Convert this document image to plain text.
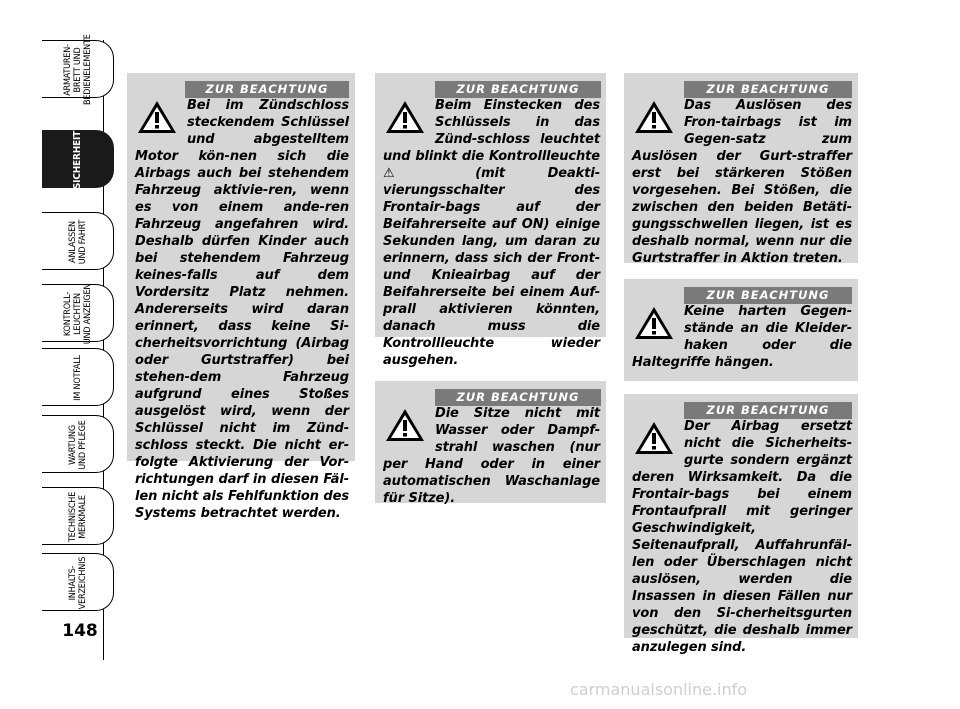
ARMATUREN-
BRETT UND
BEDIENELEMENTE
SICHERHEIT
ANLASSEN
UND FAHRT
KONTROLL-
LEUCHTEN
UND ANZEIGEN
IM NOTFALL
WARTUNG
UND PFLEGE
TECHNISCHE
MERKMALE
INHALTS-
VERZEICHNIS
148
ZUR BEACHTUNG
Bei im Zündschloss steckendem Schlüssel und abgestelltem Motor kön-nen sich die Airbags auch bei stehendem Fahrzeug aktivie-ren, wenn es von einem ande-ren Fahrzeug angefahren wird. Deshalb dürfen Kinder auch bei stehendem Fahrzeug keines-falls auf dem Vordersitz Platz nehmen. Andererseits wird daran erinnert, dass keine Si-cherheitsvorrichtung (Airbag oder Gurtstraffer) bei stehen-dem Fahrzeug aufgrund eines Stoßes ausgelöst wird, wenn der Schlüssel nicht im Zünd-schloss steckt. Die nicht er-folgte Aktivierung der Vor-richtungen darf in diesen Fäl-len nicht als Fehlfunktion des Systems betrachtet werden.
ZUR BEACHTUNG
Beim Einstecken des Schlüssels in das Zünd-schloss leuchtet und blinkt die Kontrollleuchte ⚠ (mit Deakti-vierungsschalter des Frontair-bags auf der Beifahrerseite auf ON) einige Sekunden lang, um daran zu erinnern, dass sich der Front- und Knieairbag auf der Beifahrerseite bei einem Auf-prall aktivieren könnten, danach muss die Kontrollleuchte wieder ausgehen.
ZUR BEACHTUNG
Die Sitze nicht mit Wasser oder Dampf-strahl waschen (nur per Hand oder in einer automatischen Waschanlage für Sitze).
ZUR BEACHTUNG
Das Auslösen des Fron-tairbags ist im Gegen-satz zum Auslösen der Gurt-straffer erst bei stärkeren Stößen vorgesehen. Bei Stößen, die zwischen den beiden Betäti-gungsschwellen liegen, ist es deshalb normal, wenn nur die Gurtstraffer in Aktion treten.
ZUR BEACHTUNG
Keine harten Gegen-stände an die Kleider-haken oder die Haltegriffe hängen.
ZUR BEACHTUNG
Der Airbag ersetzt nicht die Sicherheits-gurte sondern ergänzt deren Wirksamkeit. Da die Frontair-bags bei einem Frontaufprall mit geringer Geschwindigkeit, Seitenaufprall, Auffahrunfäl-len oder Überschlagen nicht auslösen, werden die Insassen in diesen Fällen nur von den Si-cherheitsgurten geschützt, die deshalb immer anzulegen sind.
carmanualsonline.info
